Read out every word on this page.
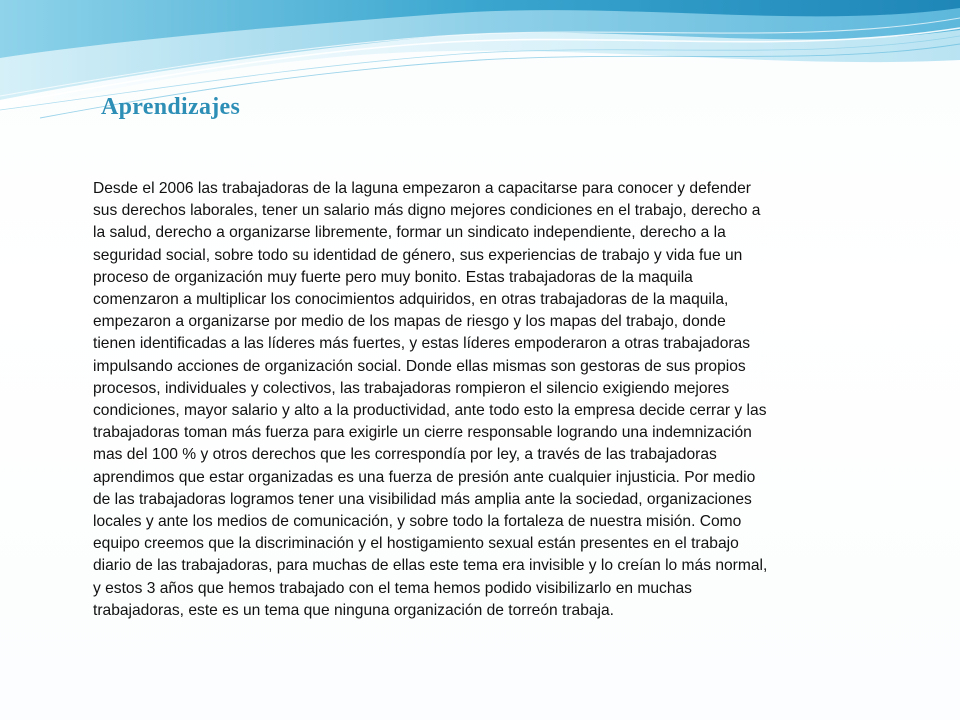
Aprendizajes
Desde el 2006 las trabajadoras de la laguna empezaron a capacitarse para conocer y defender
sus derechos laborales, tener un salario más digno mejores condiciones en el trabajo, derecho a
la salud, derecho a organizarse libremente, formar un sindicato independiente, derecho a la
seguridad social, sobre todo su identidad de género, sus experiencias de trabajo y vida fue un
proceso de organización muy fuerte pero muy bonito. Estas trabajadoras de la maquila
comenzaron a multiplicar los conocimientos adquiridos, en otras trabajadoras de la maquila,
empezaron a organizarse por medio de los mapas de riesgo y los mapas del trabajo, donde
tienen identificadas a las líderes más fuertes, y estas líderes empoderaron a otras trabajadoras
impulsando acciones de organización social. Donde ellas mismas son gestoras de sus propios
procesos, individuales y colectivos, las trabajadoras rompieron el silencio exigiendo mejores
condiciones, mayor salario y alto a la productividad, ante todo esto la empresa decide cerrar y las
trabajadoras toman más fuerza para exigirle un cierre responsable logrando una indemnización
mas del 100 % y otros derechos que les correspondía por ley, a través de las trabajadoras
aprendimos que estar organizadas es una fuerza de presión ante cualquier injusticia. Por medio
de las trabajadoras logramos tener una visibilidad más amplia ante la sociedad, organizaciones
locales y ante los medios de comunicación, y sobre todo la fortaleza de nuestra misión. Como
equipo creemos que la discriminación y el hostigamiento sexual están presentes en el trabajo
diario de las trabajadoras, para muchas de ellas este tema era invisible y lo creían lo más normal,
y estos 3 años que hemos trabajado con el tema hemos podido visibilizarlo en muchas
trabajadoras, este es un tema que ninguna organización de torreón trabaja.
